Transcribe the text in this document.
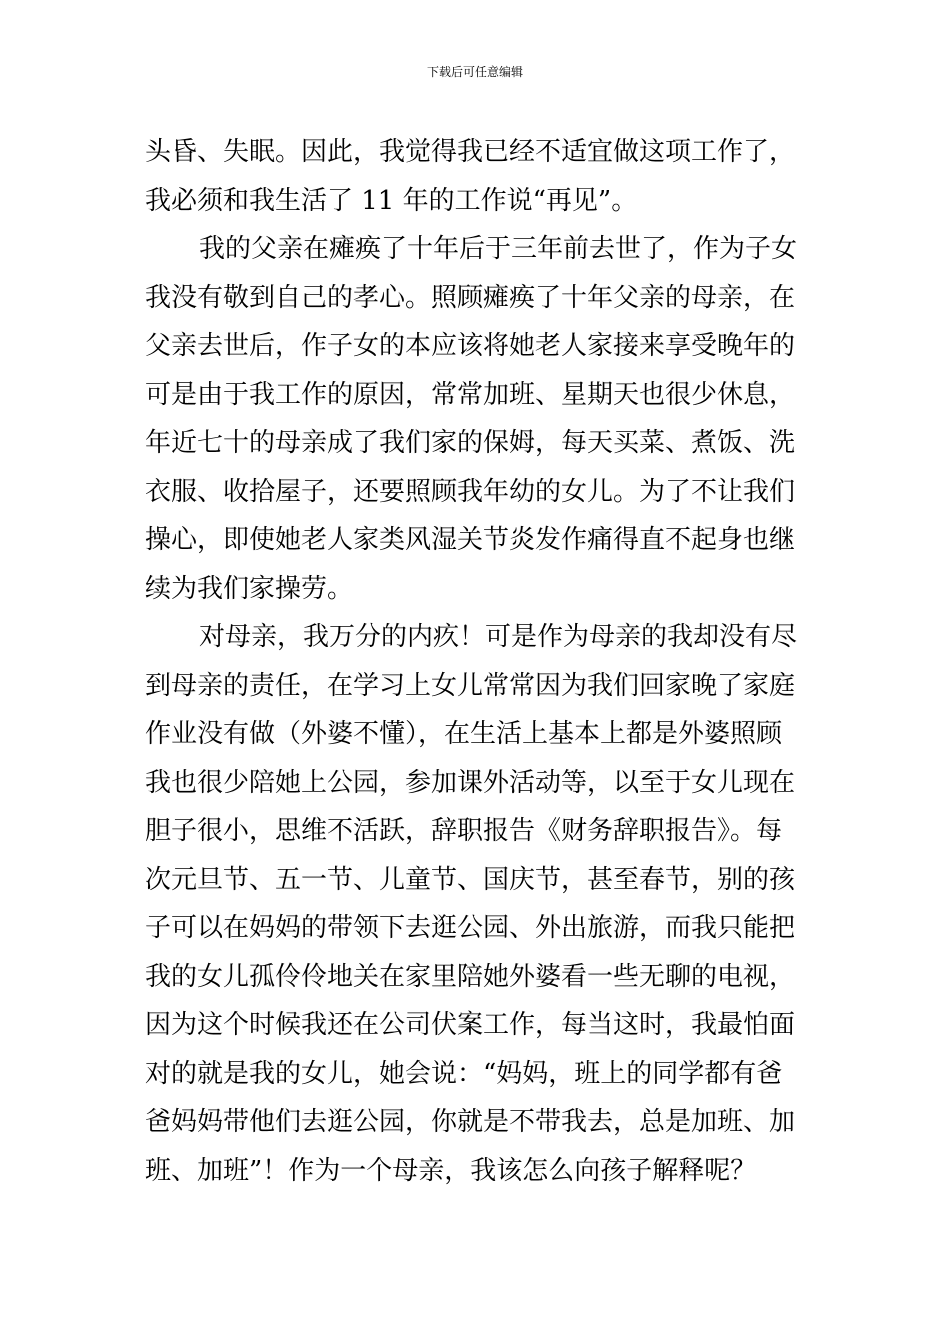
下载后可任意编辑
头昏、失眠。因此，我觉得我已经不适宜做这项工作了，
我必须和我生活了 11 年的工作说“再见”。
我的父亲在瘫痪了十年后于三年前去世了，作为子女
我没有敬到自己的孝心。照顾瘫痪了十年父亲的母亲，在
父亲去世后，作子女的本应该将她老人家接来享受晚年的
可是由于我工作的原因，常常加班、星期天也很少休息，
年近七十的母亲成了我们家的保姆，每天买菜、煮饭、洗
衣服、收拾屋子，还要照顾我年幼的女儿。为了不让我们
操心，即使她老人家类风湿关节炎发作痛得直不起身也继
续为我们家操劳。
对母亲，我万分的内疚！可是作为母亲的我却没有尽
到母亲的责任，在学习上女儿常常因为我们回家晚了家庭
作业没有做（外婆不懂），在生活上基本上都是外婆照顾
我也很少陪她上公园，参加课外活动等，以至于女儿现在
胆子很小，思维不活跃，辞职报告《财务辞职报告》。每
次元旦节、五一节、儿童节、国庆节，甚至春节，别的孩
子可以在妈妈的带领下去逛公园、外出旅游，而我只能把
我的女儿孤伶伶地关在家里陪她外婆看一些无聊的电视，
因为这个时候我还在公司伏案工作，每当这时，我最怕面
对的就是我的女儿，她会说：“妈妈，班上的同学都有爸
爸妈妈带他们去逛公园，你就是不带我去，总是加班、加
班、加班”！作为一个母亲，我该怎么向孩子解释呢？
